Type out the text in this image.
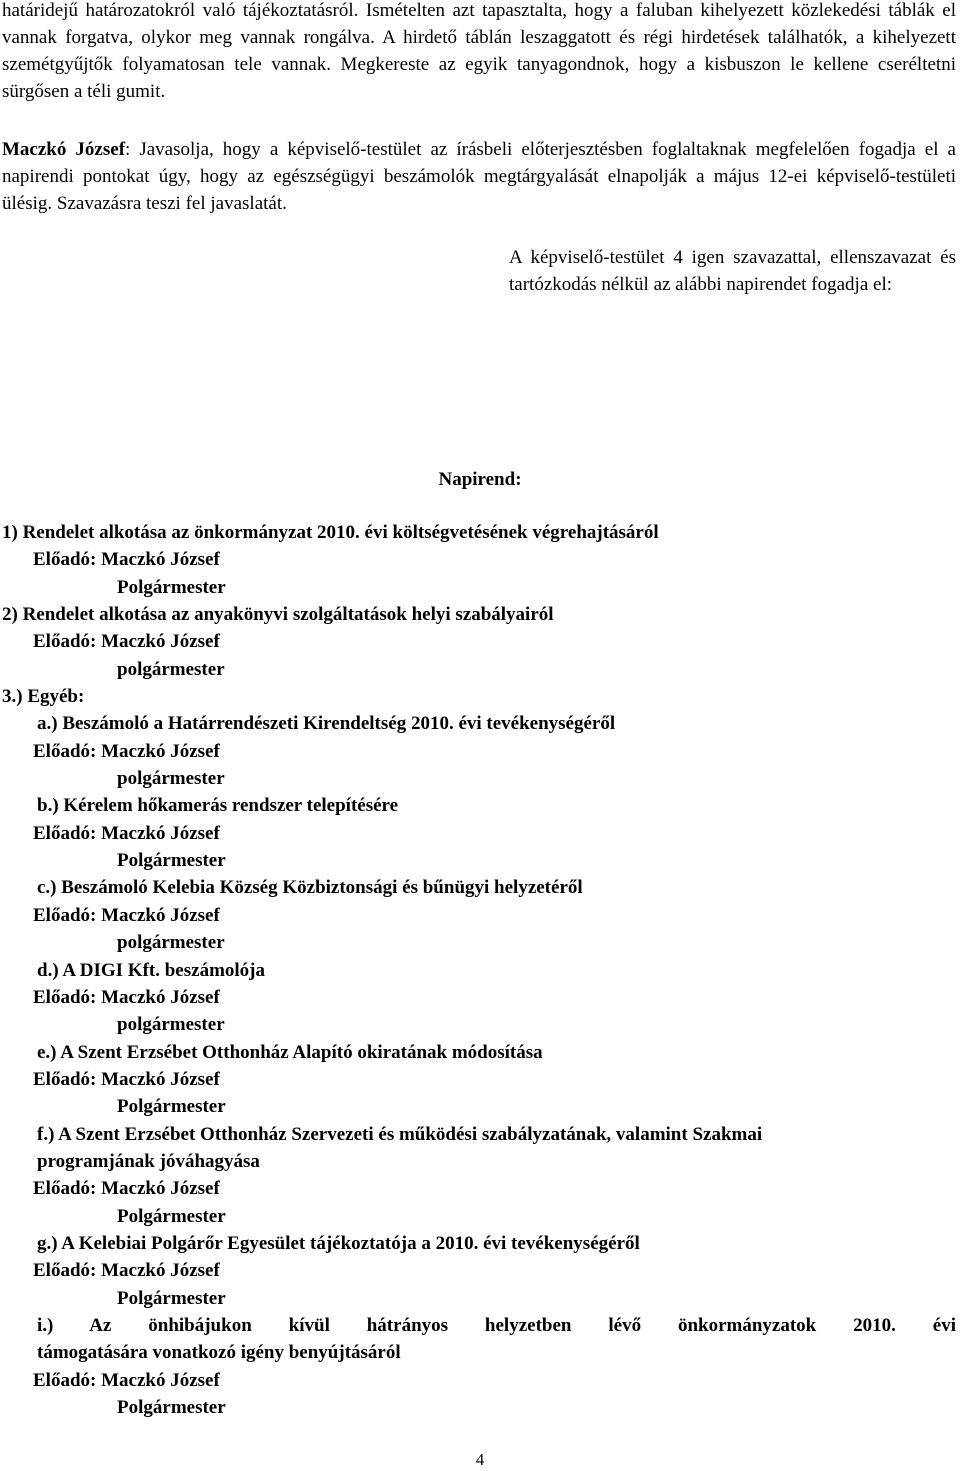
határidejű határozatokról való tájékoztatásról. Ismételten azt tapasztalta, hogy a faluban kihelyezett közlekedési táblák el vannak forgatva, olykor meg vannak rongálva. A hirdető táblán leszaggatott és régi hirdetések találhatók, a kihelyezett szemétgyűjtők folyamatosan tele vannak. Megkereste az egyik tanyagondnok, hogy a kisbuszon le kellene cseréltetni sürgősen a téli gumit.

Maczkó József: Javasolja, hogy a képviselő-testület az írásbeli előterjesztésben foglaltaknak megfelelően fogadja el a napirendi pontokat úgy, hogy az egészségügyi beszámolók megtárgyalását elnapolják a május 12-ei képviselő-testületi ülésig. Szavazásra teszi fel javaslatát.

A képviselő-testület 4 igen szavazattal, ellenszavazat és tartózkodás nélkül az alábbi napirendet fogadja el:

Napirend:

1) Rendelet alkotása az önkormányzat 2010. évi költségvetésének végrehajtásáról
Előadó: Maczkó József
Polgármester
2) Rendelet alkotása az anyakönyvi szolgáltatások helyi szabályairól
Előadó: Maczkó József
polgármester
3.) Egyéb:
a.) Beszámoló a Határrendészeti Kirendeltség 2010. évi tevékenységéről
Előadó: Maczkó József
polgármester
b.) Kérelem hőkamerás rendszer telepítésére
Előadó: Maczkó József
Polgármester
c.) Beszámoló Kelebia Község Közbiztonsági és bűnügyi helyzetéről
Előadó: Maczkó József
polgármester
d.) A DIGI Kft. beszámolója
Előadó: Maczkó József
polgármester
e.) A Szent Erzsébet Otthonház Alapító okiratának módosítása
Előadó: Maczkó József
Polgármester
f.) A Szent Erzsébet Otthonház Szervezeti és működési szabályzatának, valamint Szakmai
programjának jóváhagyása
Előadó: Maczkó József
Polgármester
g.) A Kelebiai Polgárőr Egyesület tájékoztatója a 2010. évi tevékenységéről
Előadó: Maczkó József
Polgármester
i.) Az önhibájukon kívül hátrányos helyzetben lévő önkormányzatok 2010. évi
támogatására vonatkozó igény benyújtásáról
Előadó: Maczkó József
Polgármester
4
